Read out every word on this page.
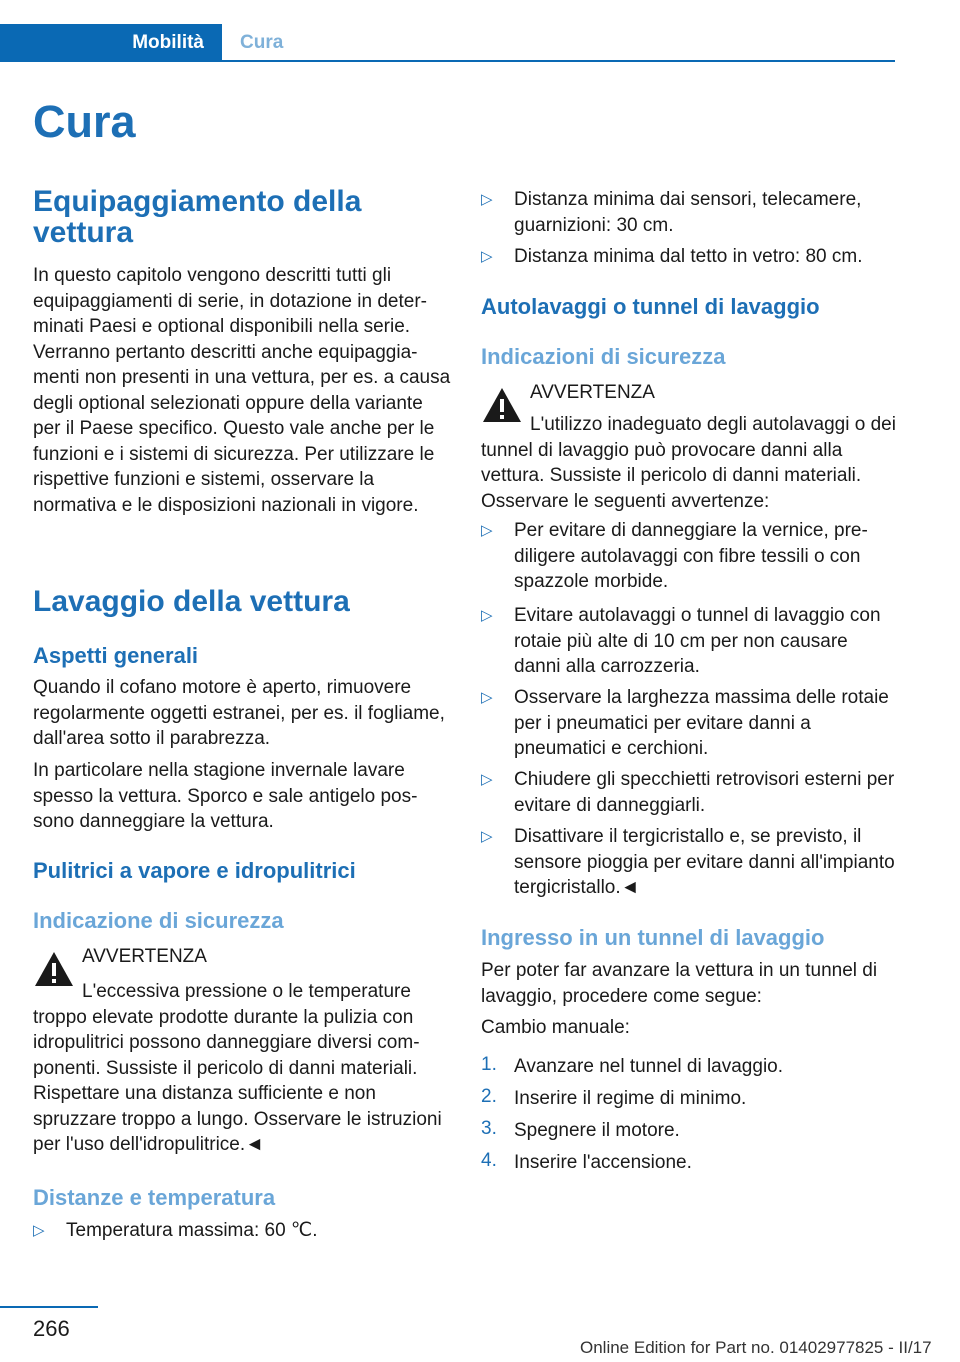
Mobilità	Cura
Cura
Equipaggiamento della vettura

In questo capitolo vengono descritti tutti gli equipaggiamenti di serie, in dotazione in determinati Paesi e optional disponibili nella serie. Verranno pertanto descritti anche equipaggiamenti non presenti in una vettura, per es. a causa degli optional selezionati oppure della variante per il Paese specifico. Questo vale anche per le funzioni e i sistemi di sicurezza. Per utilizzare le rispettive funzioni e sistemi, osservare la normativa e le disposizioni nazionali in vigore.

Lavaggio della vettura
Aspetti generali

Quando il cofano motore è aperto, rimuovere regolarmente oggetti estranei, per es. il fogliame, dall'area sotto il parabrezza.

In particolare nella stagione invernale lavare spesso la vettura. Sporco e sale antigelo possono danneggiare la vettura.

Pulitrici a vapore e idropulitrici
Indicazione di sicurezza
AVVERTENZA

L'eccessiva pressione o le temperature troppo elevate prodotte durante la pulizia con idropulitrici possono danneggiare diversi componenti. Sussiste il pericolo di danni materiali. Rispettare una distanza sufficiente e non spruzzare troppo a lungo. Osservare le istruzioni per l'uso dell'idropulitrice.◄

Distanze e temperatura
▷	Temperatura massima: 60 ℃.
▷	Distanza minima dai sensori, telecamere, guarnizioni: 30 cm.
▷	Distanza minima dal tetto in vetro: 80 cm.
Autolavaggi o tunnel di lavaggio
Indicazioni di sicurezza
AVVERTENZA

L'utilizzo inadeguato degli autolavaggi o dei tunnel di lavaggio può provocare danni alla vettura. Sussiste il pericolo di danni materiali. Osservare le seguenti avvertenze:

▷	Per evitare di danneggiare la vernice, prediligere autolavaggi con fibre tessili o con spazzole morbide.
▷	Evitare autolavaggi o tunnel di lavaggio con rotaie più alte di 10 cm per non causare danni alla carrozzeria.
▷	Osservare la larghezza massima delle rotaie per i pneumatici per evitare danni a pneumatici e cerchioni.
▷	Chiudere gli specchietti retrovisori esterni per evitare di danneggiarli.
▷	Disattivare il tergicristallo e, se previsto, il sensore pioggia per evitare danni all'impianto tergicristallo.◄
Ingresso in un tunnel di lavaggio

Per poter far avanzare la vettura in un tunnel di lavaggio, procedere come segue:

Cambio manuale:

1. Avanzare nel tunnel di lavaggio.
2. Inserire il regime di minimo.
3. Spegnere il motore.
4. Inserire l'accensione.
266
Online Edition for Part no. 01402977825 - II/17
